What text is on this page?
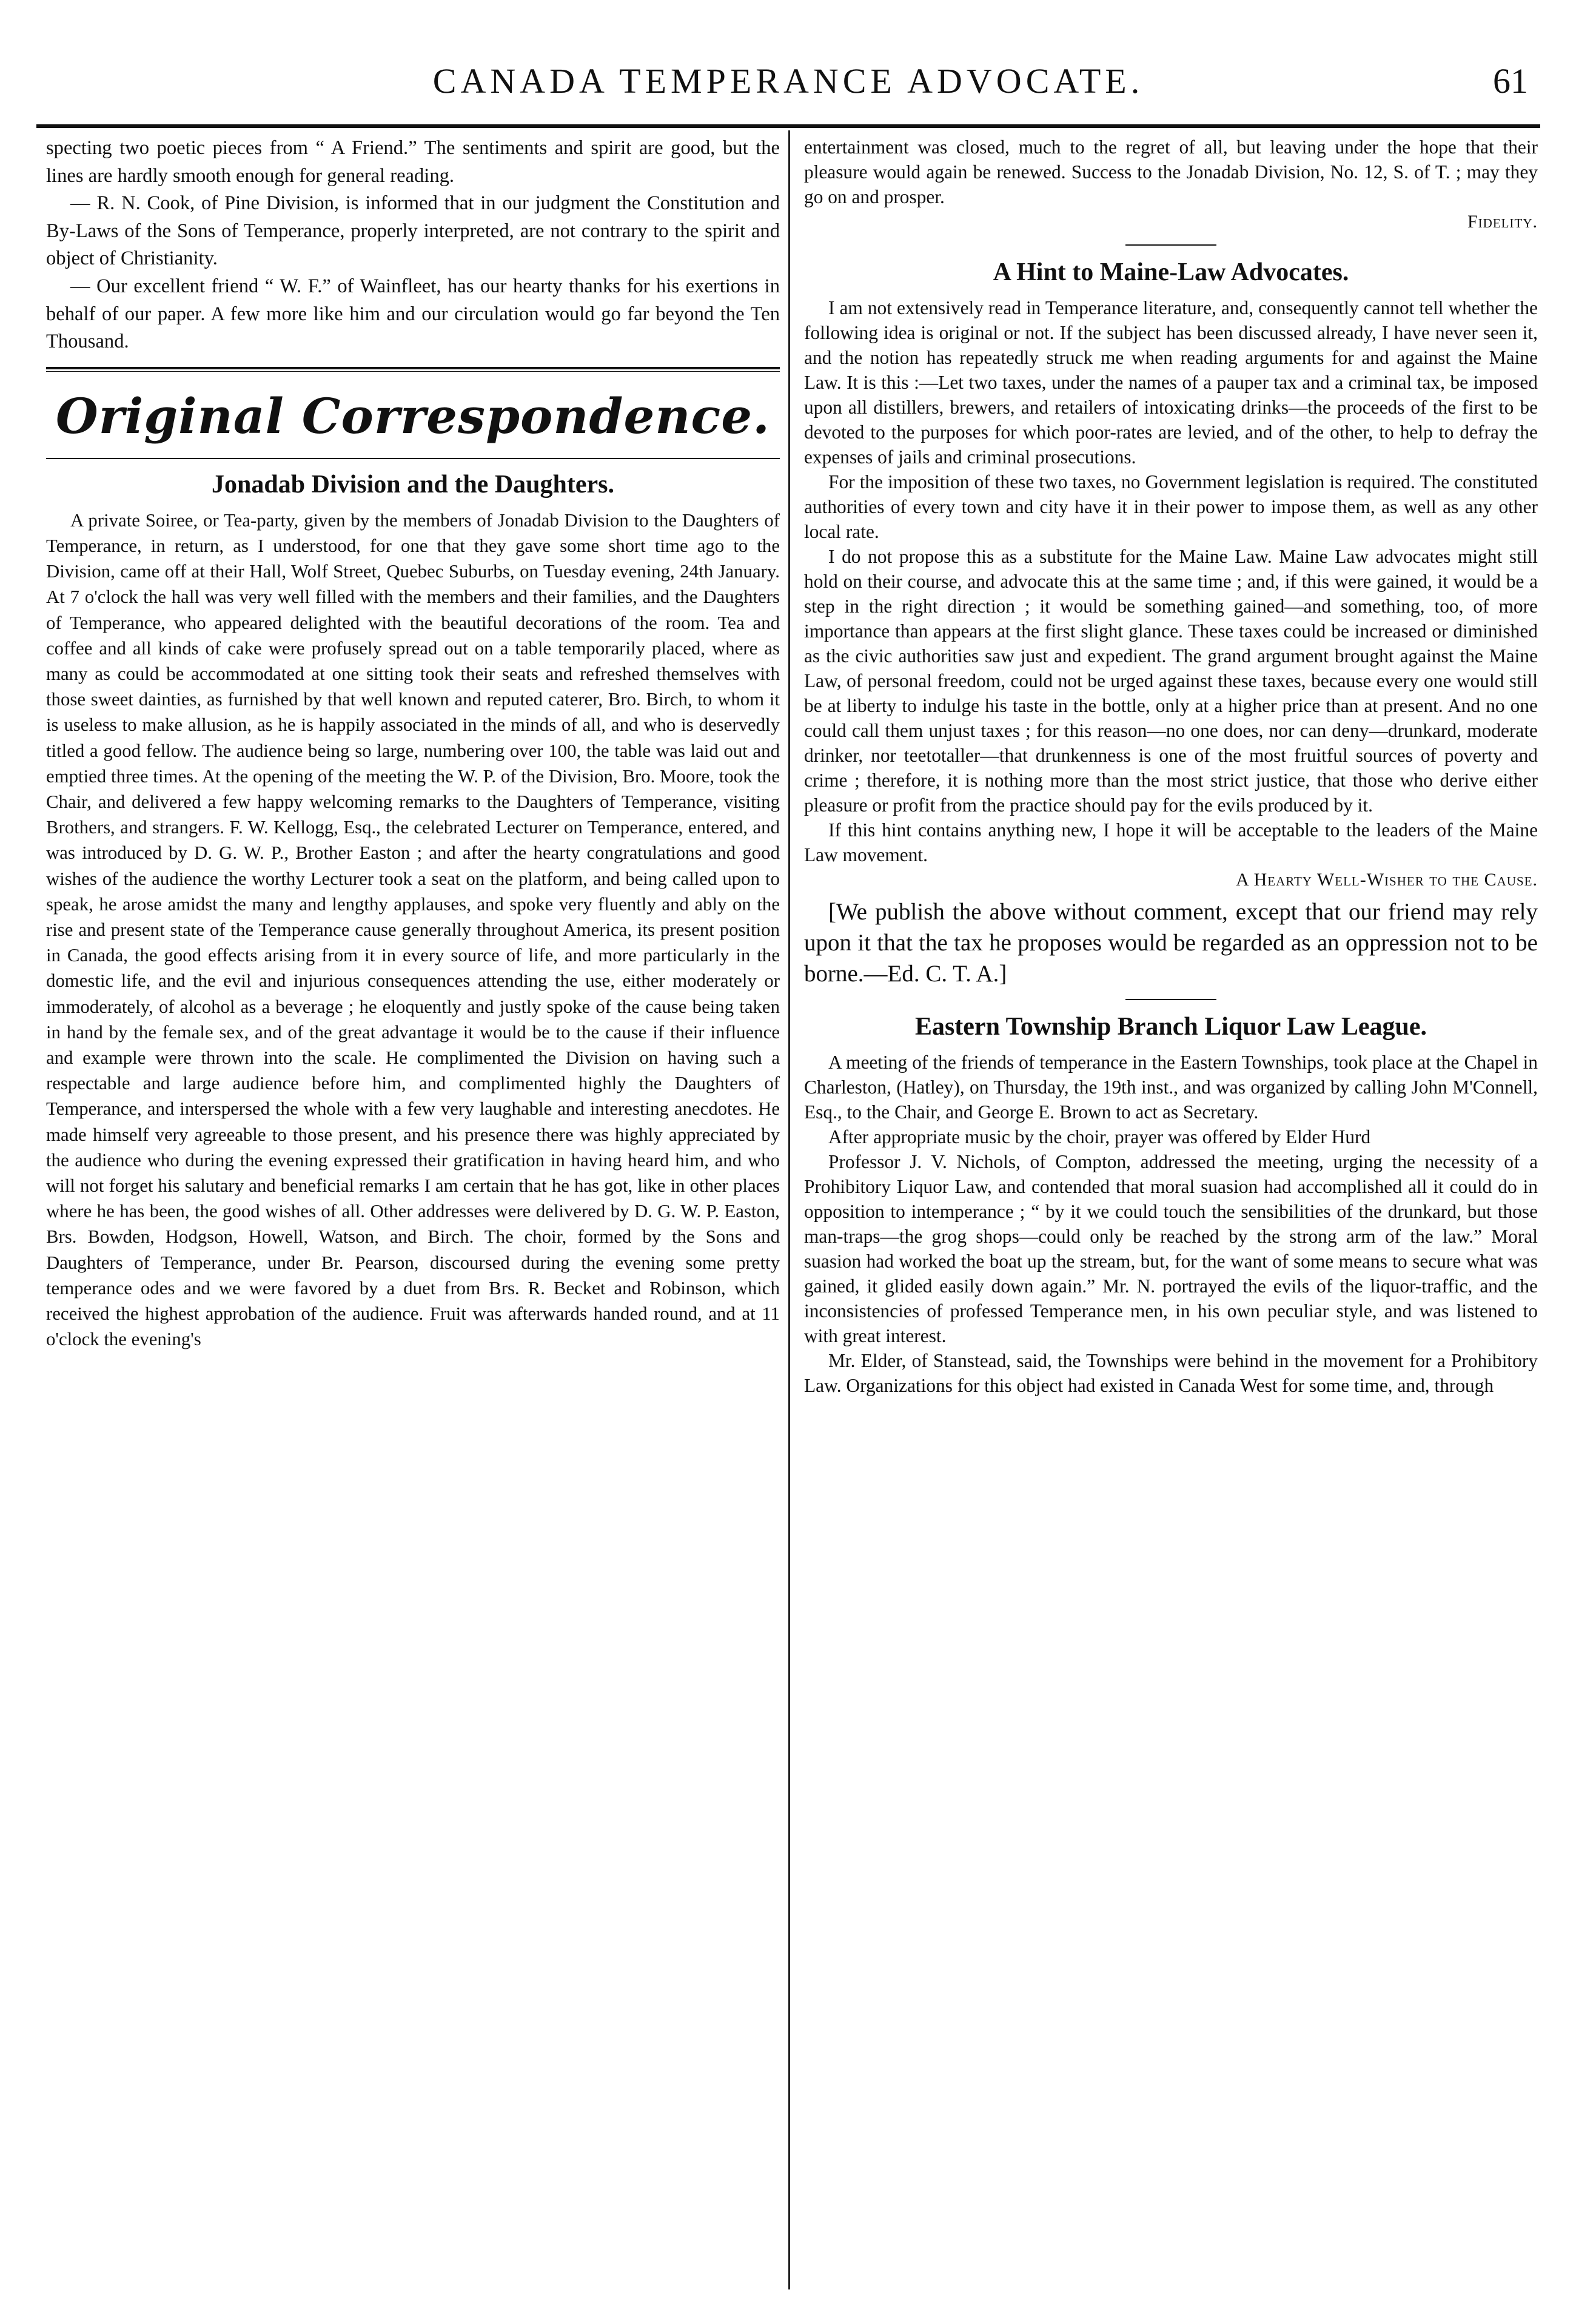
CANADA TEMPERANCE ADVOCATE.	61

specting two poetic pieces from “ A Friend.” The sentiments and spirit are good, but the lines are hardly smooth enough for general reading.

— R. N. Cook, of Pine Division, is informed that in our judgment the Constitution and By-Laws of the Sons of Temperance, properly interpreted, are not contrary to the spirit and object of Christianity.

— Our excellent friend “ W. F.” of Wainfleet, has our hearty thanks for his exertions in behalf of our paper. A few more like him and our circulation would go far beyond the Ten Thousand.

Original Correspondence.
Jonadab Division and the Daughters.

A private Soiree, or Tea-party, given by the members of Jonadab Division to the Daughters of Temperance, in return, as I understood, for one that they gave some short time ago to the Division, came off at their Hall, Wolf Street, Quebec Suburbs, on Tuesday evening, 24th January. At 7 o'clock the hall was very well filled with the members and their families, and the Daughters of Temperance, who appeared delighted with the beautiful decorations of the room. Tea and coffee and all kinds of cake were profusely spread out on a table temporarily placed, where as many as could be accommodated at one sitting took their seats and refreshed themselves with those sweet dainties, as furnished by that well known and reputed caterer, Bro. Birch, to whom it is useless to make allusion, as he is happily associated in the minds of all, and who is deservedly titled a good fellow. The audience being so large, numbering over 100, the table was laid out and emptied three times. At the opening of the meeting the W. P. of the Division, Bro. Moore, took the Chair, and delivered a few happy welcoming remarks to the Daughters of Temperance, visiting Brothers, and strangers. F. W. Kellogg, Esq., the celebrated Lecturer on Temperance, entered, and was introduced by D. G. W. P., Brother Easton ; and after the hearty congratulations and good wishes of the audience the worthy Lecturer took a seat on the platform, and being called upon to speak, he arose amidst the many and lengthy applauses, and spoke very fluently and ably on the rise and present state of the Temperance cause generally throughout America, its present position in Canada, the good effects arising from it in every source of life, and more particularly in the domestic life, and the evil and injurious consequences attending the use, either moderately or immoderately, of alcohol as a beverage ; he eloquently and justly spoke of the cause being taken in hand by the female sex, and of the great advantage it would be to the cause if their influence and example were thrown into the scale. He complimented the Division on having such a respectable and large audience before him, and complimented highly the Daughters of Temperance, and interspersed the whole with a few very laughable and interesting anecdotes. He made himself very agreeable to those present, and his presence there was highly appreciated by the audience who during the evening expressed their gratification in having heard him, and who will not forget his salutary and beneficial remarks I am certain that he has got, like in other places where he has been, the good wishes of all. Other addresses were delivered by D. G. W. P. Easton, Brs. Bowden, Hodgson, Howell, Watson, and Birch. The choir, formed by the Sons and Daughters of Temperance, under Br. Pearson, discoursed during the evening some pretty temperance odes and we were favored by a duet from Brs. R. Becket and Robinson, which received the highest approbation of the audience. Fruit was afterwards handed round, and at 11 o'clock the evening's

entertainment was closed, much to the regret of all, but leaving under the hope that their pleasure would again be renewed. Success to the Jonadab Division, No. 12, S. of T. ; may they go on and prosper.

Fidelity.
A Hint to Maine-Law Advocates.

I am not extensively read in Temperance literature, and, consequently cannot tell whether the following idea is original or not. If the subject has been discussed already, I have never seen it, and the notion has repeatedly struck me when reading arguments for and against the Maine Law. It is this :—Let two taxes, under the names of a pauper tax and a criminal tax, be imposed upon all distillers, brewers, and retailers of intoxicating drinks—the proceeds of the first to be devoted to the purposes for which poor-rates are levied, and of the other, to help to defray the expenses of jails and criminal prosecutions.

For the imposition of these two taxes, no Government legislation is required. The constituted authorities of every town and city have it in their power to impose them, as well as any other local rate.

I do not propose this as a substitute for the Maine Law. Maine Law advocates might still hold on their course, and advocate this at the same time ; and, if this were gained, it would be a step in the right direction ; it would be something gained—and something, too, of more importance than appears at the first slight glance. These taxes could be increased or diminished as the civic authorities saw just and expedient. The grand argument brought against the Maine Law, of personal freedom, could not be urged against these taxes, because every one would still be at liberty to indulge his taste in the bottle, only at a higher price than at present. And no one could call them unjust taxes ; for this reason—no one does, nor can deny—drunkard, moderate drinker, nor teetotaller—that drunkenness is one of the most fruitful sources of poverty and crime ; therefore, it is nothing more than the most strict justice, that those who derive either pleasure or profit from the practice should pay for the evils produced by it.

If this hint contains anything new, I hope it will be acceptable to the leaders of the Maine Law movement.

A Hearty Well-Wisher to the Cause.

[We publish the above without comment, except that our friend may rely upon it that the tax he proposes would be regarded as an oppression not to be borne.—Ed. C. T. A.]

Eastern Township Branch Liquor Law League.

A meeting of the friends of temperance in the Eastern Townships, took place at the Chapel in Charleston, (Hatley), on Thursday, the 19th inst., and was organized by calling John M'Connell, Esq., to the Chair, and George E. Brown to act as Secretary.

After appropriate music by the choir, prayer was offered by Elder Hurd

Professor J. V. Nichols, of Compton, addressed the meeting, urging the necessity of a Prohibitory Liquor Law, and contended that moral suasion had accomplished all it could do in opposition to intemperance ; “ by it we could touch the sensibilities of the drunkard, but those man-traps—the grog shops—could only be reached by the strong arm of the law.” Moral suasion had worked the boat up the stream, but, for the want of some means to secure what was gained, it glided easily down again.” Mr. N. portrayed the evils of the liquor-traffic, and the inconsistencies of professed Temperance men, in his own peculiar style, and was listened to with great interest.

Mr. Elder, of Stanstead, said, the Townships were behind in the movement for a Prohibitory Law. Organizations for this object had existed in Canada West for some time, and, through
